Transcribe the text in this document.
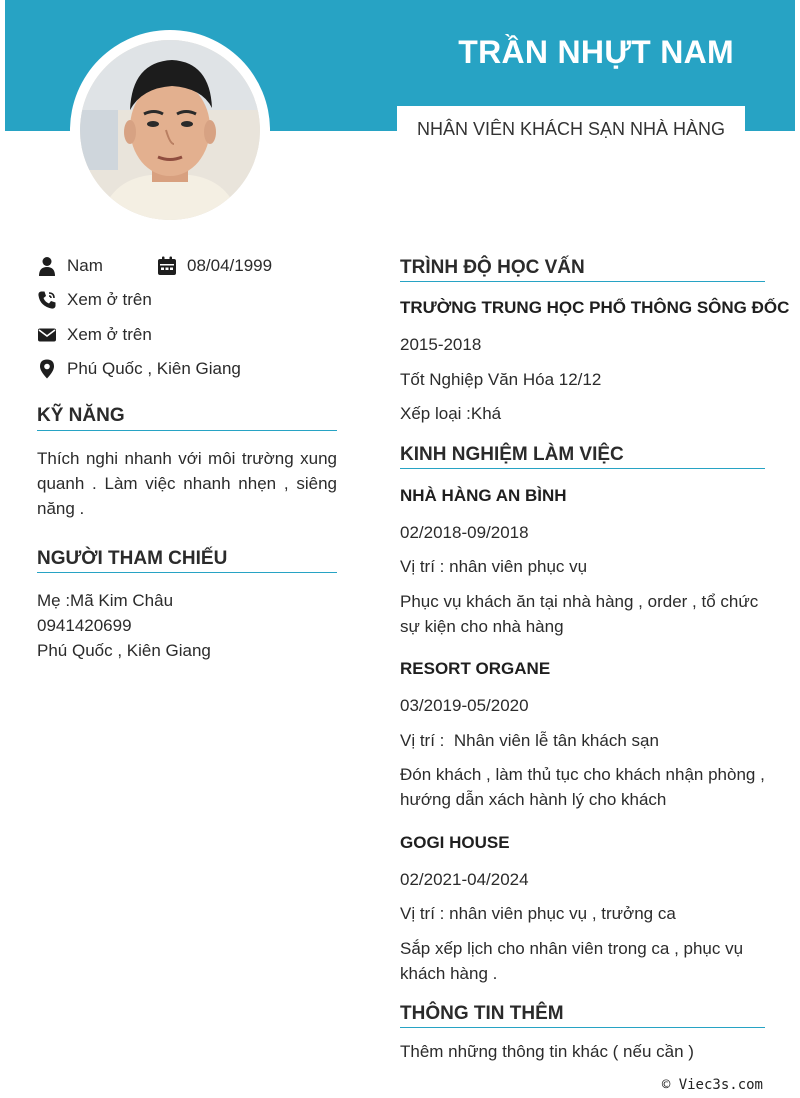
TRẦN NHỰT NAM
NHÂN VIÊN KHÁCH SẠN NHÀ HÀNG
Nam	08/04/1999
Xem ở trên
Xem ở trên
Phú Quốc , Kiên Giang
KỸ NĂNG
Thích nghi nhanh với môi trường xung quanh . Làm việc nhanh nhẹn , siêng năng .
NGƯỜI THAM CHIẾU
Mẹ :Mã Kim Châu
0941420699
Phú Quốc , Kiên Giang
TRÌNH ĐỘ HỌC VẤN
TRƯỜNG TRUNG HỌC PHỔ THÔNG SÔNG ĐỐC
2015-2018
Tốt Nghiệp Văn Hóa 12/12
Xếp loại :Khá
KINH NGHIỆM LÀM VIỆC
NHÀ HÀNG AN BÌNH
02/2018-09/2018
Vị trí : nhân viên phục vụ
Phục vụ khách ăn tại nhà hàng , order , tổ chức sự kiện cho nhà hàng
RESORT ORGANE
03/2019-05/2020
Vị trí :  Nhân viên lễ tân khách sạn
Đón khách , làm thủ tục cho khách nhận phòng , hướng dẫn xách hành lý cho khách
GOGI HOUSE
02/2021-04/2024
Vị trí : nhân viên phục vụ , trưởng ca
Sắp xếp lịch cho nhân viên trong ca , phục vụ khách hàng .
THÔNG TIN THÊM
Thêm những thông tin khác ( nếu cần )
© Viec3s.com
